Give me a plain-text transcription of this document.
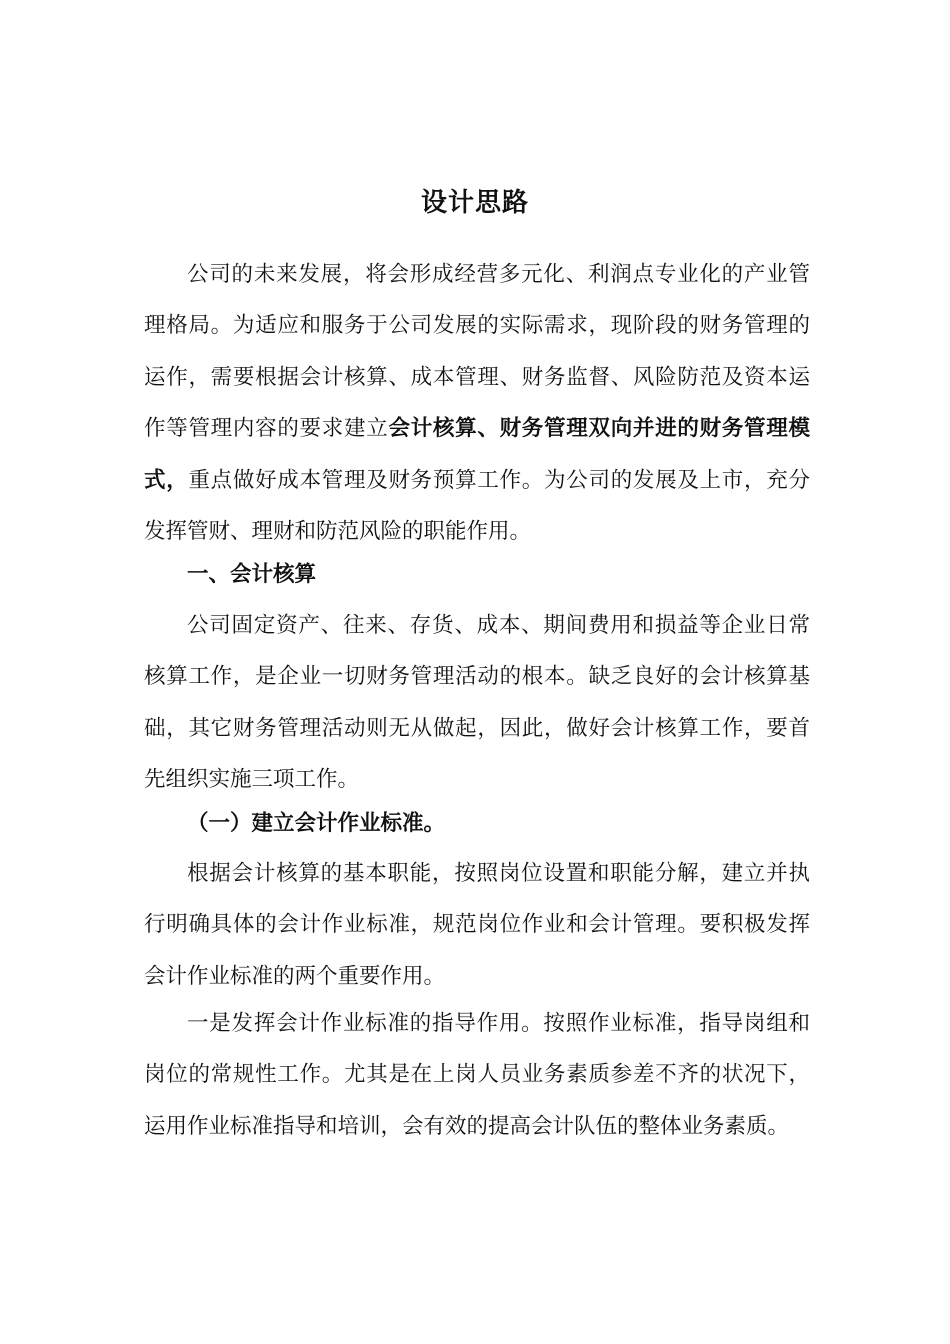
设计思路
公司的未来发展，将会形成经营多元化、利润点专业化的产业管理格局。为适应和服务于公司发展的实际需求，现阶段的财务管理的运作，需要根据会计核算、成本管理、财务监督、风险防范及资本运作等管理内容的要求建立会计核算、财务管理双向并进的财务管理模式，重点做好成本管理及财务预算工作。为公司的发展及上市，充分发挥管财、理财和防范风险的职能作用。
一、会计核算
公司固定资产、往来、存货、成本、期间费用和损益等企业日常核算工作，是企业一切财务管理活动的根本。缺乏良好的会计核算基础，其它财务管理活动则无从做起，因此，做好会计核算工作，要首先组织实施三项工作。
（一）建立会计作业标准。
根据会计核算的基本职能，按照岗位设置和职能分解，建立并执行明确具体的会计作业标准，规范岗位作业和会计管理。要积极发挥会计作业标准的两个重要作用。
一是发挥会计作业标准的指导作用。按照作业标准，指导岗组和岗位的常规性工作。尤其是在上岗人员业务素质参差不齐的状况下，运用作业标准指导和培训，会有效的提高会计队伍的整体业务素质。
